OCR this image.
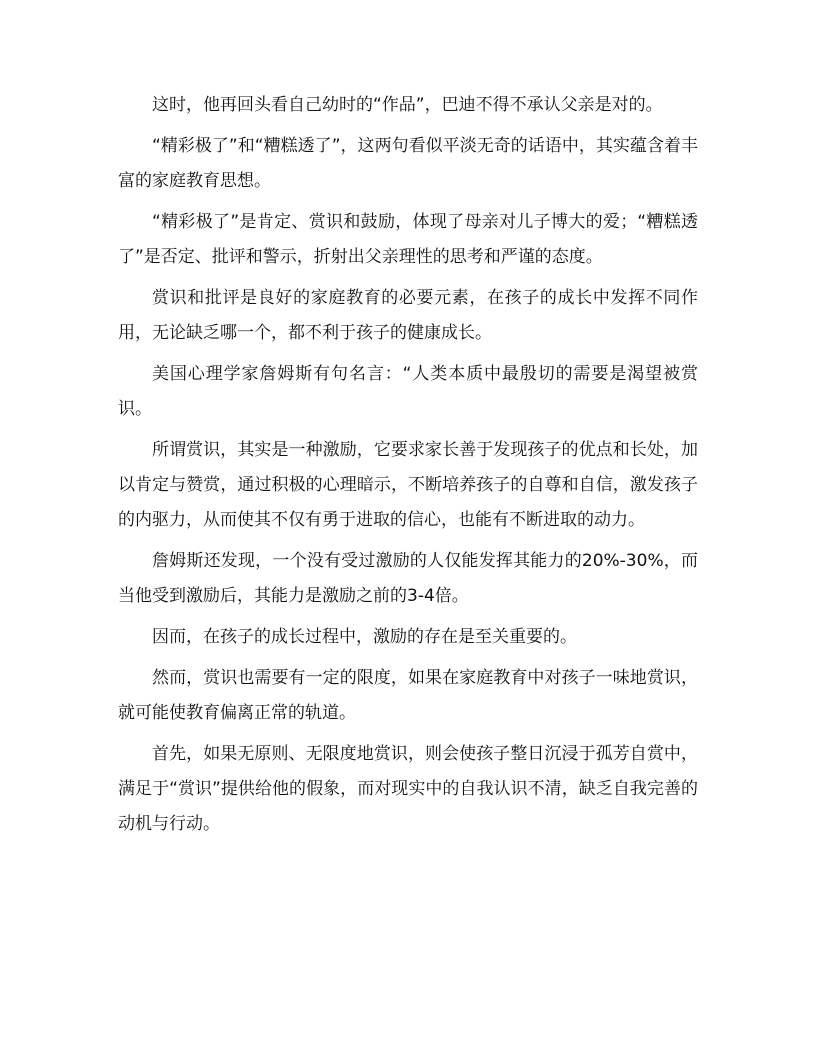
这时，他再回头看自己幼时的“作品”，巴迪不得不承认父亲是对的。

“精彩极了”和“糟糕透了”，这两句看似平淡无奇的话语中，其实蕴含着丰富的家庭教育思想。

“精彩极了”是肯定、赏识和鼓励，体现了母亲对儿子博大的爱；“糟糕透了”是否定、批评和警示，折射出父亲理性的思考和严谨的态度。

赏识和批评是良好的家庭教育的必要元素，在孩子的成长中发挥不同作用，无论缺乏哪一个，都不利于孩子的健康成长。

美国心理学家詹姆斯有句名言：“人类本质中最殷切的需要是渴望被赏识。

所谓赏识，其实是一种激励，它要求家长善于发现孩子的优点和长处，加以肯定与赞赏，通过积极的心理暗示，不断培养孩子的自尊和自信，激发孩子的内驱力，从而使其不仅有勇于进取的信心，也能有不断进取的动力。

詹姆斯还发现，一个没有受过激励的人仅能发挥其能力的20%-30%，而当他受到激励后，其能力是激励之前的3-4倍。

因而，在孩子的成长过程中，激励的存在是至关重要的。

然而，赏识也需要有一定的限度，如果在家庭教育中对孩子一味地赏识，就可能使教育偏离正常的轨道。

首先，如果无原则、无限度地赏识，则会使孩子整日沉浸于孤芳自赏中，满足于“赏识”提供给他的假象，而对现实中的自我认识不清，缺乏自我完善的动机与行动。
